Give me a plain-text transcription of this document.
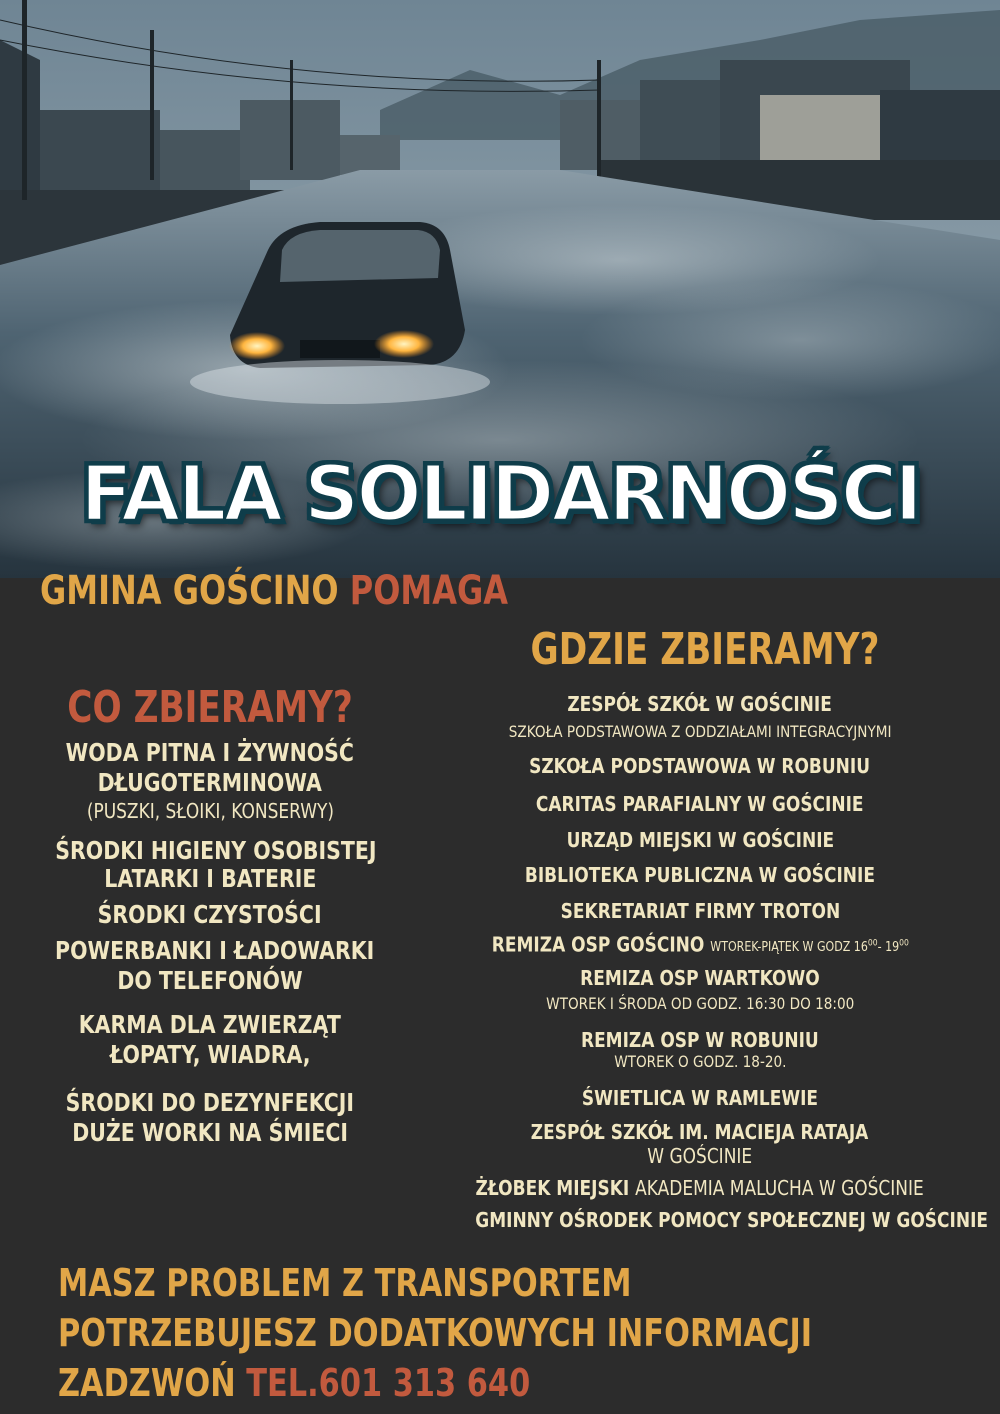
FALA SOLIDARNOŚCI
GMINA GOŚCINO POMAGA
CO ZBIERAMY?
GDZIE ZBIERAMY?
WODA PITNA I ŻYWNOŚĆ
DŁUGOTERMINOWA
(PUSZKI, SŁOIKI, KONSERWY)
ŚRODKI HIGIENY OSOBISTEJ
LATARKI I BATERIE
ŚRODKI CZYSTOŚCI
POWERBANKI I ŁADOWARKI
DO TELEFONÓW
KARMA DLA ZWIERZĄT
ŁOPATY, WIADRA,
ŚRODKI DO DEZYNFEKCJI
DUŻE WORKI NA ŚMIECI
ZESPÓŁ SZKÓŁ W GOŚCINIE
SZKOŁA PODSTAWOWA Z ODDZIAŁAMI INTEGRACYJNYMI
SZKOŁA PODSTAWOWA W ROBUNIU
CARITAS PARAFIALNY W GOŚCINIE
URZĄD MIEJSKI W GOŚCINIE
BIBLIOTEKA PUBLICZNA W GOŚCINIE
SEKRETARIAT FIRMY TROTON
REMIZA OSP GOŚCINO WTOREK-PIĄTEK W GODZ $16^{00}-$ $19^{00}$
REMIZA OSP WARTKOWO
WTOREK I ŚRODA OD GODZ. 16:30 DO 18:00
REMIZA OSP W ROBUNIU
WTOREK O GODZ. 18-20.
ŚWIETLICA W RAMLEWIE
ZESPÓŁ SZKÓŁ IM. MACIEJA RATAJA
W GOŚCINIE
ŻŁOBEK MIEJSKI AKADEMIA MALUCHA W GOŚCINIE
GMINNY OŚRODEK POMOCY SPOŁECZNEJ W GOŚCINIE
MASZ PROBLEM Z TRANSPORTEM
POTRZEBUJESZ DODATKOWYCH INFORMACJI
ZADZWOŃ TEL.601 313 640
